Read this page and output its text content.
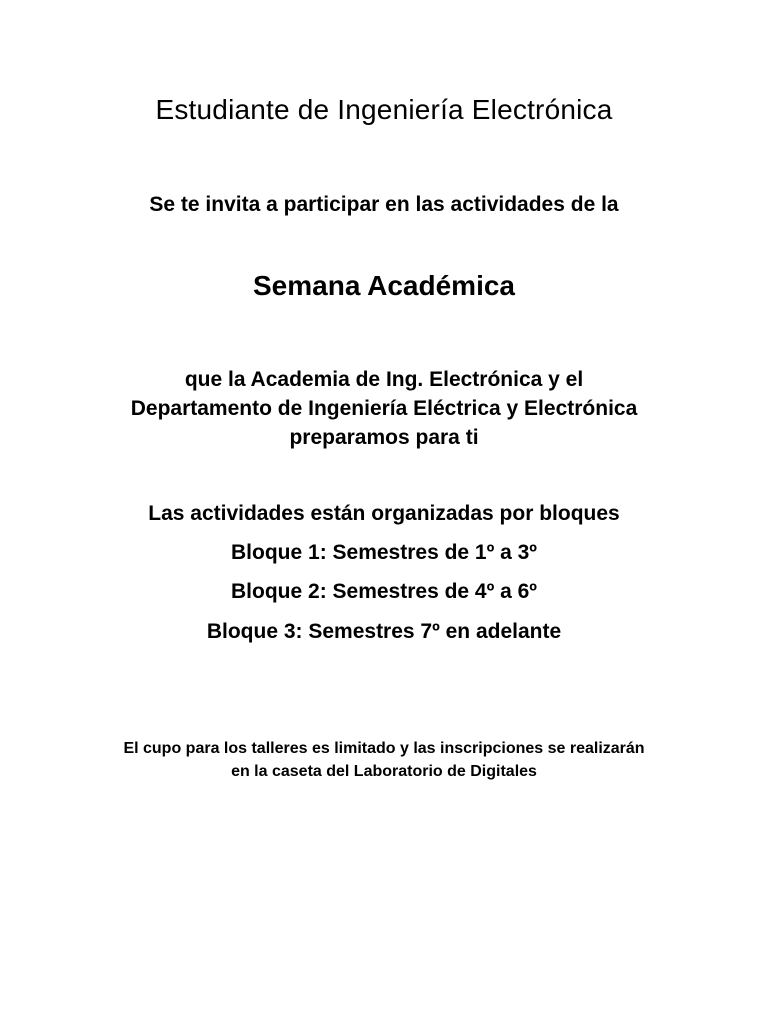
Estudiante de Ingeniería Electrónica

Se te invita a participar en las actividades de la

Semana Académica

que la Academia de Ing. Electrónica y el
Departamento de Ingeniería Eléctrica y Electrónica
preparamos para ti

Las actividades están organizadas por bloques

Bloque 1: Semestres de 1º a 3º

Bloque 2: Semestres de 4º a 6º

Bloque 3: Semestres 7º en adelante

El cupo para los talleres es limitado y las inscripciones se realizarán
en la caseta del Laboratorio de Digitales
